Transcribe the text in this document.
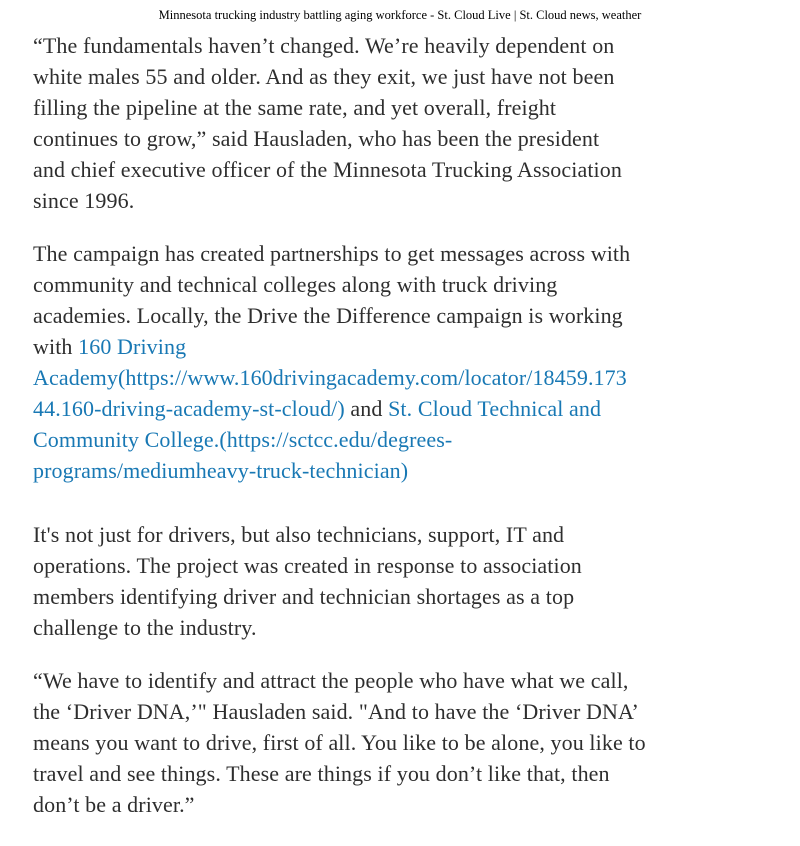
Minnesota trucking industry battling aging workforce - St. Cloud Live | St. Cloud news, weather

“The fundamentals haven’t changed. We’re heavily dependent on
white males 55 and older. And as they exit, we just have not been
filling the pipeline at the same rate, and yet overall, freight
continues to grow,” said Hausladen, who has been the president
and chief executive officer of the Minnesota Trucking Association
since 1996.

The campaign has created partnerships to get messages across with
community and technical colleges along with truck driving
academies. Locally, the Drive the Difference campaign is working
with 160 Driving
Academy(https://www.160drivingacademy.com/locator/18459.173
44.160-driving-academy-st-cloud/) and St. Cloud Technical and
Community College.(https://sctcc.edu/degrees-
programs/mediumheavy-truck-technician)

It's not just for drivers, but also technicians, support, IT and
operations. The project was created in response to association
members identifying driver and technician shortages as a top
challenge to the industry.

“We have to identify and attract the people who have what we call,
the ‘Driver DNA,’" Hausladen said. "And to have the ‘Driver DNA’
means you want to drive, first of all. You like to be alone, you like to
travel and see things. These are things if you don’t like that, then
don’t be a driver.”
